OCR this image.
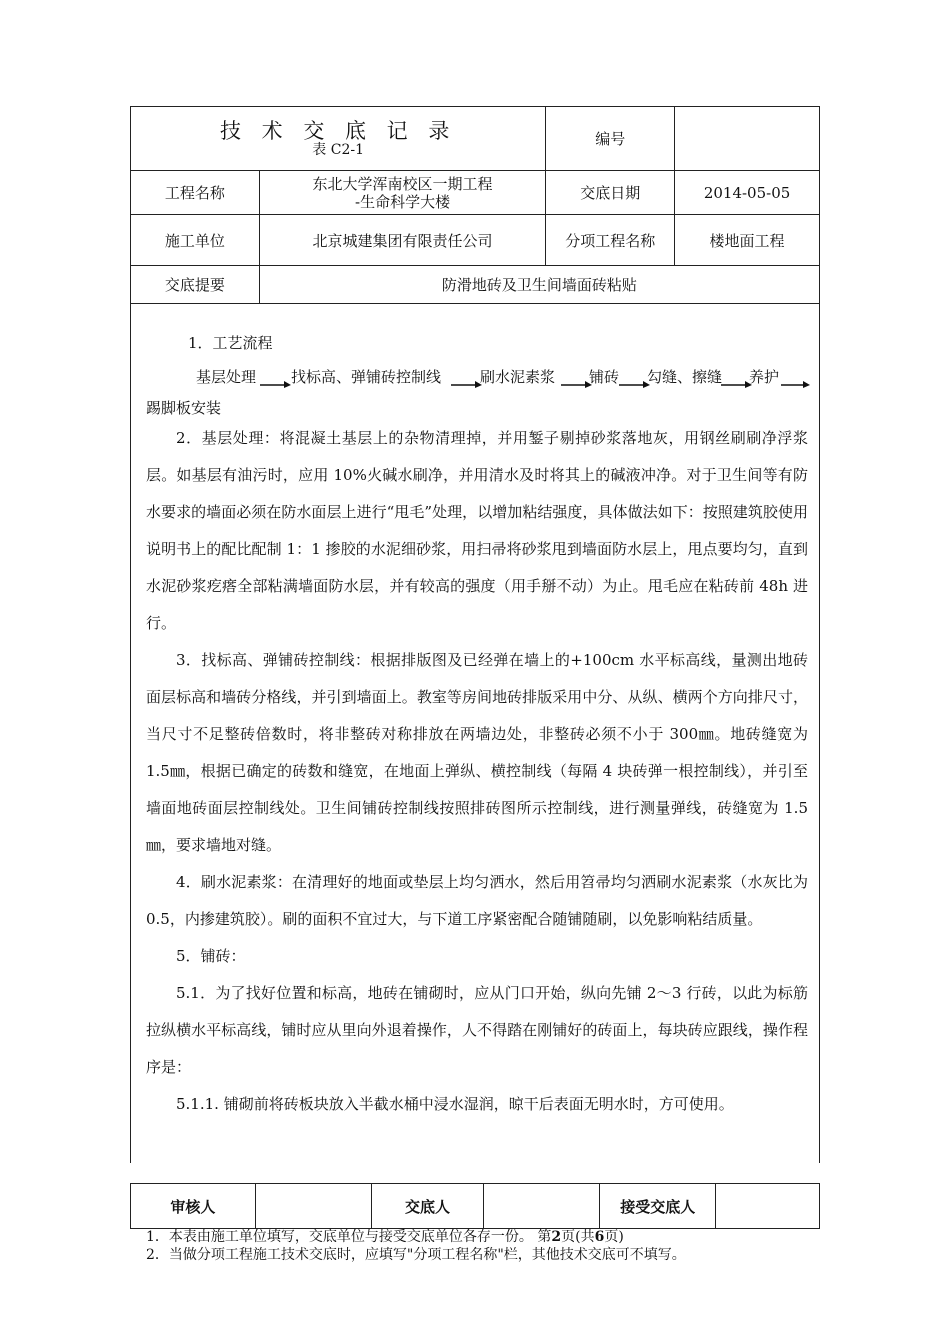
技 术 交 底 记 录
表 C2-1		编号	
工程名称	东北大学浑南校区一期工程
-生命科学大楼	交底日期	2014-05-05
施工单位	北京城建集团有限责任公司	分项工程名称	楼地面工程
交底提要	防滑地砖及卫生间墙面砖粘贴		

1．工艺流程

基层处理 找标高、弹铺砖控制线	刷水泥素浆 铺砖 勾缝、擦缝 养护

踢脚板安装

2．基层处理：将混凝土基层上的杂物清理掉，并用錾子剔掉砂浆落地灰，用钢丝刷刷净浮浆层。如基层有油污时，应用 10%火碱水刷净，并用清水及时将其上的碱液冲净。对于卫生间等有防水要求的墙面必须在防水面层上进行“甩毛”处理，以增加粘结强度，具体做法如下：按照建筑胶使用说明书上的配比配制 1：1 掺胶的水泥细砂浆，用扫帚将砂浆甩到墙面防水层上，甩点要均匀，直到水泥砂浆疙瘩全部粘满墙面防水层，并有较高的强度（用手掰不动）为止。甩毛应在粘砖前 48h 进行。

3．找标高、弹铺砖控制线：根据排版图及已经弹在墙上的+100cm 水平标高线，量测出地砖面层标高和墙砖分格线，并引到墙面上。教室等房间地砖排版采用中分、从纵、横两个方向排尺寸，当尺寸不足整砖倍数时，将非整砖对称排放在两墙边处，非整砖必须不小于 300㎜。地砖缝宽为 1.5㎜，根据已确定的砖数和缝宽，在地面上弹纵、横控制线（每隔 4 块砖弹一根控制线），并引至墙面地砖面层控制线处。卫生间铺砖控制线按照排砖图所示控制线，进行测量弹线，砖缝宽为 1.5㎜，要求墙地对缝。

4．刷水泥素浆：在清理好的地面或垫层上均匀洒水，然后用笤帚均匀洒刷水泥素浆（水灰比为 0.5，内掺建筑胶）。刷的面积不宜过大，与下道工序紧密配合随铺随刷，以免影响粘结质量。

5．铺砖：

5.1．为了找好位置和标高，地砖在铺砌时，应从门口开始，纵向先铺 2～3 行砖，以此为标筋拉纵横水平标高线，铺时应从里向外退着操作，人不得踏在刚铺好的砖面上，每块砖应跟线，操作程序是：

5.1.1. 铺砌前将砖板块放入半截水桶中浸水湿润，晾干后表面无明水时，方可使用。

审核人		交底人		接受交底人	
1．本表由施工单位填写，交底单位与接受交底单位各存一份。 第2页(共6页)
2．当做分项工程施工技术交底时，应填写"分项工程名称"栏，其他技术交底可不填写。
